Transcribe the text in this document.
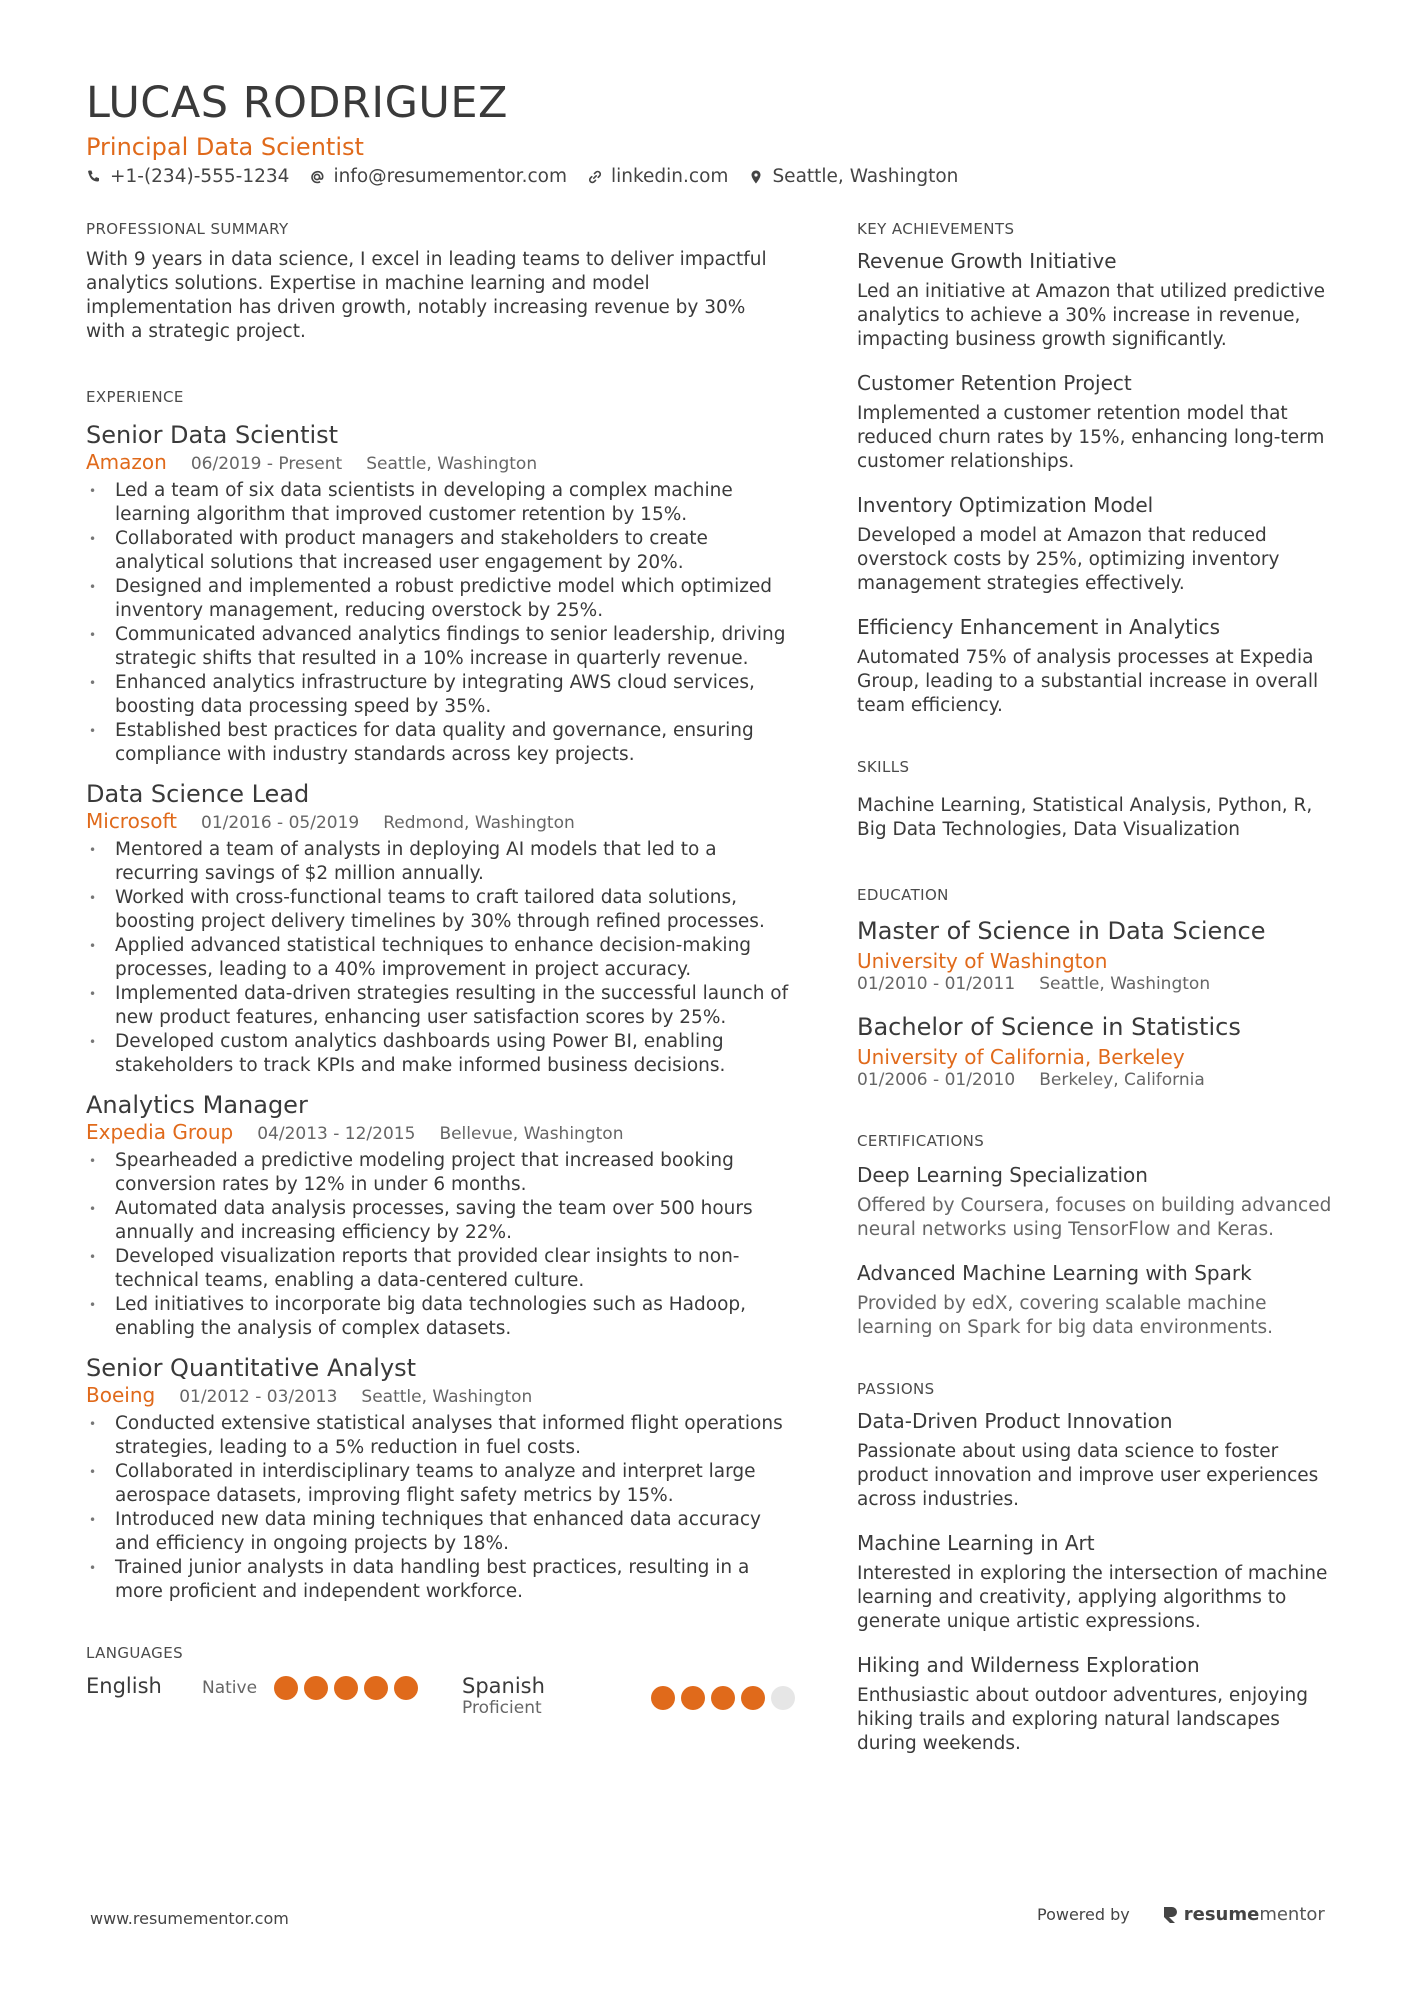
LUCAS RODRIGUEZ
Principal Data Scientist
+1-(234)-555-1234 info@resumementor.com linkedin.com Seattle, Washington
PROFESSIONAL SUMMARY
With 9 years in data science, I excel in leading teams to deliver impactful analytics solutions. Expertise in machine learning and model implementation has driven growth, notably increasing revenue by 30% with a strategic project.
EXPERIENCE
Senior Data Scientist
Amazon 06/2019 - Present Seattle, Washington
• Led a team of six data scientists in developing a complex machine learning algorithm that improved customer retention by 15%.
• Collaborated with product managers and stakeholders to create analytical solutions that increased user engagement by 20%.
• Designed and implemented a robust predictive model which optimized inventory management, reducing overstock by 25%.
• Communicated advanced analytics findings to senior leadership, driving strategic shifts that resulted in a 10% increase in quarterly revenue.
• Enhanced analytics infrastructure by integrating AWS cloud services, boosting data processing speed by 35%.
• Established best practices for data quality and governance, ensuring compliance with industry standards across key projects.
Data Science Lead
Microsoft 01/2016 - 05/2019 Redmond, Washington
• Mentored a team of analysts in deploying AI models that led to a recurring savings of $2 million annually.
• Worked with cross-functional teams to craft tailored data solutions, boosting project delivery timelines by 30% through refined processes.
• Applied advanced statistical techniques to enhance decision-making processes, leading to a 40% improvement in project accuracy.
• Implemented data-driven strategies resulting in the successful launch of new product features, enhancing user satisfaction scores by 25%.
• Developed custom analytics dashboards using Power BI, enabling stakeholders to track KPIs and make informed business decisions.
Analytics Manager
Expedia Group 04/2013 - 12/2015 Bellevue, Washington
• Spearheaded a predictive modeling project that increased booking conversion rates by 12% in under 6 months.
• Automated data analysis processes, saving the team over 500 hours annually and increasing efficiency by 22%.
• Developed visualization reports that provided clear insights to non-technical teams, enabling a data-centered culture.
• Led initiatives to incorporate big data technologies such as Hadoop, enabling the analysis of complex datasets.
Senior Quantitative Analyst
Boeing 01/2012 - 03/2013 Seattle, Washington
• Conducted extensive statistical analyses that informed flight operations strategies, leading to a 5% reduction in fuel costs.
• Collaborated in interdisciplinary teams to analyze and interpret large aerospace datasets, improving flight safety metrics by 15%.
• Introduced new data mining techniques that enhanced data accuracy and efficiency in ongoing projects by 18%.
• Trained junior analysts in data handling best practices, resulting in a more proficient and independent workforce.
LANGUAGES
English Native	Spanish
Proficient
KEY ACHIEVEMENTS
Revenue Growth Initiative
Led an initiative at Amazon that utilized predictive analytics to achieve a 30% increase in revenue, impacting business growth significantly.
Customer Retention Project
Implemented a customer retention model that reduced churn rates by 15%, enhancing long-term customer relationships.
Inventory Optimization Model
Developed a model at Amazon that reduced overstock costs by 25%, optimizing inventory management strategies effectively.
Efficiency Enhancement in Analytics
Automated 75% of analysis processes at Expedia Group, leading to a substantial increase in overall team efficiency.
SKILLS
Machine Learning, Statistical Analysis, Python, R, Big Data Technologies, Data Visualization
EDUCATION
Master of Science in Data Science
University of Washington
01/2010 - 01/2011 Seattle, Washington
Bachelor of Science in Statistics
University of California, Berkeley
01/2006 - 01/2010 Berkeley, California
CERTIFICATIONS
Deep Learning Specialization
Offered by Coursera, focuses on building advanced neural networks using TensorFlow and Keras.
Advanced Machine Learning with Spark
Provided by edX, covering scalable machine learning on Spark for big data environments.
PASSIONS
Data-Driven Product Innovation
Passionate about using data science to foster product innovation and improve user experiences across industries.
Machine Learning in Art
Interested in exploring the intersection of machine learning and creativity, applying algorithms to generate unique artistic expressions.
Hiking and Wilderness Exploration
Enthusiastic about outdoor adventures, enjoying hiking trails and exploring natural landscapes during weekends.
www.resumementor.com	Powered by	resume mentor
